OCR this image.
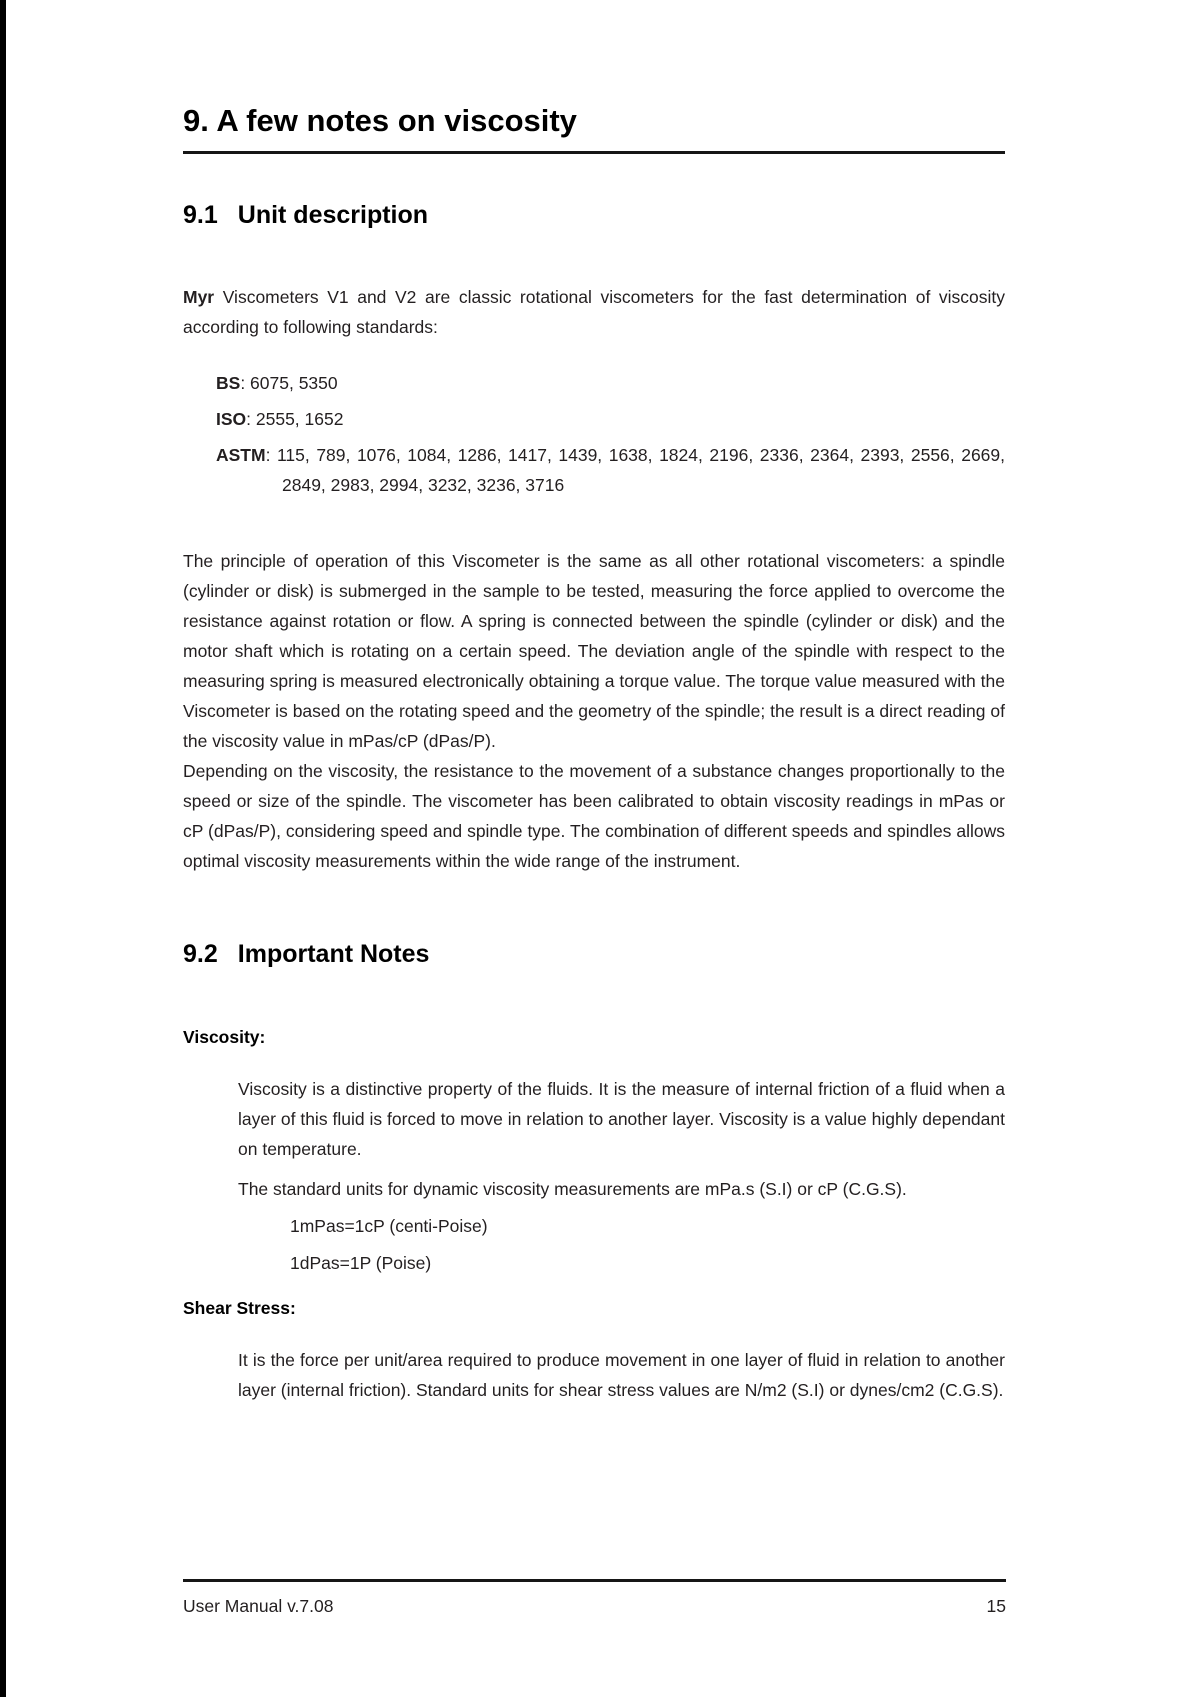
9. A few notes on viscosity
9.1 Unit description

Myr Viscometers V1 and V2 are classic rotational viscometers for the fast determination of viscosity according to following standards:

BS: 6075, 5350
ISO: 2555, 1652
ASTM: 115, 789, 1076, 1084, 1286, 1417, 1439, 1638, 1824, 2196, 2336, 2364, 2393, 2556, 2669, 2849, 2983, 2994, 3232, 3236, 3716

The principle of operation of this Viscometer is the same as all other rotational viscometers: a spindle (cylinder or disk) is submerged in the sample to be tested, measuring the force applied to overcome the resistance against rotation or flow. A spring is connected between the spindle (cylinder or disk) and the motor shaft which is rotating on a certain speed. The deviation angle of the spindle with respect to the measuring spring is measured electronically obtaining a torque value. The torque value measured with the Viscometer is based on the rotating speed and the geometry of the spindle; the result is a direct reading of the viscosity value in mPas/cP (dPas/P).

Depending on the viscosity, the resistance to the movement of a substance changes proportionally to the speed or size of the spindle. The viscometer has been calibrated to obtain viscosity readings in mPas or cP (dPas/P), considering speed and spindle type. The combination of different speeds and spindles allows optimal viscosity measurements within the wide range of the instrument.

9.2 Important Notes

Viscosity:

Viscosity is a distinctive property of the fluids. It is the measure of internal friction of a fluid when a layer of this fluid is forced to move in relation to another layer. Viscosity is a value highly dependant on temperature.

The standard units for dynamic viscosity measurements are mPa.s (S.I) or cP (C.G.S).

1mPas=1cP (centi-Poise)
1dPas=1P (Poise)

Shear Stress:

It is the force per unit/area required to produce movement in one layer of fluid in relation to another layer (internal friction). Standard units for shear stress values are N/m2 (S.I) or dynes/cm2 (C.G.S).

User Manual v.7.08	15
